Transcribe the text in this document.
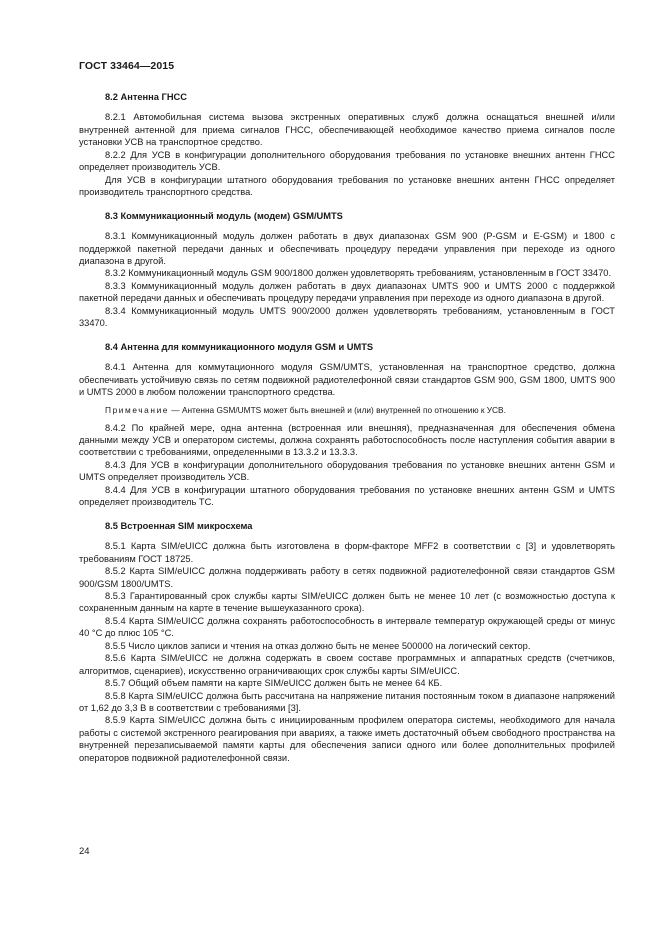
ГОСТ 33464—2015
8.2 Антенна ГНСС

8.2.1 Автомобильная система вызова экстренных оперативных служб должна оснащаться внешней и/или внутренней антенной для приема сигналов ГНСС, обеспечивающей необходимое качество приема сигналов после установки УСВ на транспортное средство.

8.2.2 Для УСВ в конфигурации дополнительного оборудования требования по установке внешних антенн ГНСС определяет производитель УСВ.

Для УСВ в конфигурации штатного оборудования требования по установке внешних антенн ГНСС определяет производитель транспортного средства.

8.3 Коммуникационный модуль (модем) GSM/UMTS

8.3.1 Коммуникационный модуль должен работать в двух диапазонах GSM 900 (P-GSM и E-GSM) и 1800 с поддержкой пакетной передачи данных и обеспечивать процедуру передачи управления при переходе из одного диапазона в другой.

8.3.2 Коммуникационный модуль GSM 900/1800 должен удовлетворять требованиям, установленным в ГОСТ 33470.

8.3.3 Коммуникационный модуль должен работать в двух диапазонах UMTS 900 и UMTS 2000 с поддержкой пакетной передачи данных и обеспечивать процедуру передачи управления при переходе из одного диапазона в другой.

8.3.4 Коммуникационный модуль UMTS 900/2000 должен удовлетворять требованиям, установленным в ГОСТ 33470.

8.4 Антенна для коммуникационного модуля GSM и UMTS

8.4.1 Антенна для коммутационного модуля GSM/UMTS, установленная на транспортное средство, должна обеспечивать устойчивую связь по сетям подвижной радиотелефонной связи стандартов GSM 900, GSM 1800, UMTS 900 и UMTS 2000 в любом положении транспортного средства.

Примечание — Антенна GSM/UMTS может быть внешней и (или) внутренней по отношению к УСВ.

8.4.2 По крайней мере, одна антенна (встроенная или внешняя), предназначенная для обеспечения обмена данными между УСВ и оператором системы, должна сохранять работоспособность после наступления события аварии в соответствии с требованиями, определенными в 13.3.2 и 13.3.3.

8.4.3 Для УСВ в конфигурации дополнительного оборудования требования по установке внешних антенн GSM и UMTS определяет производитель УСВ.

8.4.4 Для УСВ в конфигурации штатного оборудования требования по установке внешних антенн GSM и UMTS определяет производитель ТС.

8.5 Встроенная SIM микросхема

8.5.1 Карта SIM/eUICC должна быть изготовлена в форм-факторе MFF2 в соответствии с [3] и удовлетворять требованиям ГОСТ 18725.

8.5.2 Карта SIM/eUICC должна поддерживать работу в сетях подвижной радиотелефонной связи стандартов GSM 900/GSM 1800/UMTS.

8.5.3 Гарантированный срок службы карты SIM/eUICC должен быть не менее 10 лет (с возможностью доступа к сохраненным данным на карте в течение вышеуказанного срока).

8.5.4 Карта SIM/eUICC должна сохранять работоспособность в интервале температур окружающей среды от минус 40 °C до плюс 105 °C.

8.5.5 Число циклов записи и чтения на отказ должно быть не менее 500000 на логический сектор.

8.5.6 Карта SIM/eUICC не должна содержать в своем составе программных и аппаратных средств (счетчиков, алгоритмов, сценариев), искусственно ограничивающих срок службы карты SIM/eUICC.

8.5.7 Общий объем памяти на карте SIM/eUICC должен быть не менее 64 КБ.

8.5.8 Карта SIM/eUICC должна быть рассчитана на напряжение питания постоянным током в диапазоне напряжений от 1,62 до 3,3 В в соответствии с требованиями [3].

8.5.9 Карта SIM/eUICC должна быть с инициированным профилем оператора системы, необходимого для начала работы с системой экстренного реагирования при авариях, а также иметь достаточный объем свободного пространства на внутренней перезаписываемой памяти карты для обеспечения записи одного или более дополнительных профилей операторов подвижной радиотелефонной связи.

24
